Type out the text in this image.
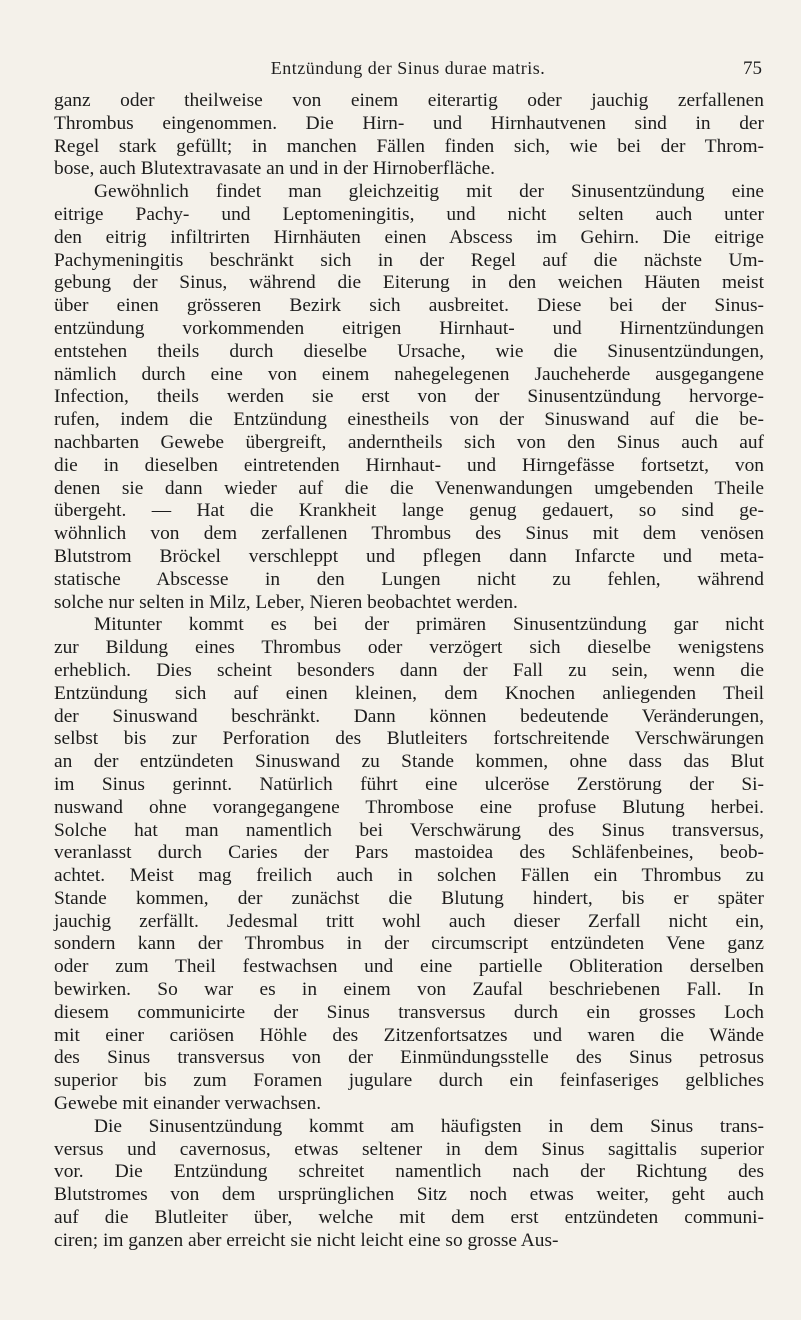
Entzündung der Sinus durae matris.	75
ganz oder theilweise von einem eiterartig oder jauchig zerfallenen
Thrombus eingenommen. Die Hirn- und Hirnhautvenen sind in der
Regel stark gefüllt; in manchen Fällen finden sich, wie bei der Throm-
bose, auch Blutextravasate an und in der Hirnoberfläche.
Gewöhnlich findet man gleichzeitig mit der Sinusentzündung eine
eitrige Pachy- und Leptomeningitis, und nicht selten auch unter
den eitrig infiltrirten Hirnhäuten einen Abscess im Gehirn. Die eitrige
Pachymeningitis beschränkt sich in der Regel auf die nächste Um-
gebung der Sinus, während die Eiterung in den weichen Häuten meist
über einen grösseren Bezirk sich ausbreitet. Diese bei der Sinus-
entzündung vorkommenden eitrigen Hirnhaut- und Hirnentzündungen
entstehen theils durch dieselbe Ursache, wie die Sinusentzündungen,
nämlich durch eine von einem nahegelegenen Jaucheherde ausgegangene
Infection, theils werden sie erst von der Sinusentzündung hervorge-
rufen, indem die Entzündung einestheils von der Sinuswand auf die be-
nachbarten Gewebe übergreift, anderntheils sich von den Sinus auch auf
die in dieselben eintretenden Hirnhaut- und Hirngefässe fortsetzt, von
denen sie dann wieder auf die die Venenwandungen umgebenden Theile
übergeht. — Hat die Krankheit lange genug gedauert, so sind ge-
wöhnlich von dem zerfallenen Thrombus des Sinus mit dem venösen
Blutstrom Bröckel verschleppt und pflegen dann Infarcte und meta-
statische Abscesse in den Lungen nicht zu fehlen, während
solche nur selten in Milz, Leber, Nieren beobachtet werden.
Mitunter kommt es bei der primären Sinusentzündung gar nicht
zur Bildung eines Thrombus oder verzögert sich dieselbe wenigstens
erheblich. Dies scheint besonders dann der Fall zu sein, wenn die
Entzündung sich auf einen kleinen, dem Knochen anliegenden Theil
der Sinuswand beschränkt. Dann können bedeutende Veränderungen,
selbst bis zur Perforation des Blutleiters fortschreitende Verschwärungen
an der entzündeten Sinuswand zu Stande kommen, ohne dass das Blut
im Sinus gerinnt. Natürlich führt eine ulceröse Zerstörung der Si-
nuswand ohne vorangegangene Thrombose eine profuse Blutung herbei.
Solche hat man namentlich bei Verschwärung des Sinus transversus,
veranlasst durch Caries der Pars mastoidea des Schläfenbeines, beob-
achtet. Meist mag freilich auch in solchen Fällen ein Thrombus zu
Stande kommen, der zunächst die Blutung hindert, bis er später
jauchig zerfällt. Jedesmal tritt wohl auch dieser Zerfall nicht ein,
sondern kann der Thrombus in der circumscript entzündeten Vene ganz
oder zum Theil festwachsen und eine partielle Obliteration derselben
bewirken. So war es in einem von Zaufal beschriebenen Fall. In
diesem communicirte der Sinus transversus durch ein grosses Loch
mit einer cariösen Höhle des Zitzenfortsatzes und waren die Wände
des Sinus transversus von der Einmündungsstelle des Sinus petrosus
superior bis zum Foramen jugulare durch ein feinfaseriges gelbliches
Gewebe mit einander verwachsen.
Die Sinusentzündung kommt am häufigsten in dem Sinus trans-
versus und cavernosus, etwas seltener in dem Sinus sagittalis superior
vor. Die Entzündung schreitet namentlich nach der Richtung des
Blutstromes von dem ursprünglichen Sitz noch etwas weiter, geht auch
auf die Blutleiter über, welche mit dem erst entzündeten communi-
ciren; im ganzen aber erreicht sie nicht leicht eine so grosse Aus-
